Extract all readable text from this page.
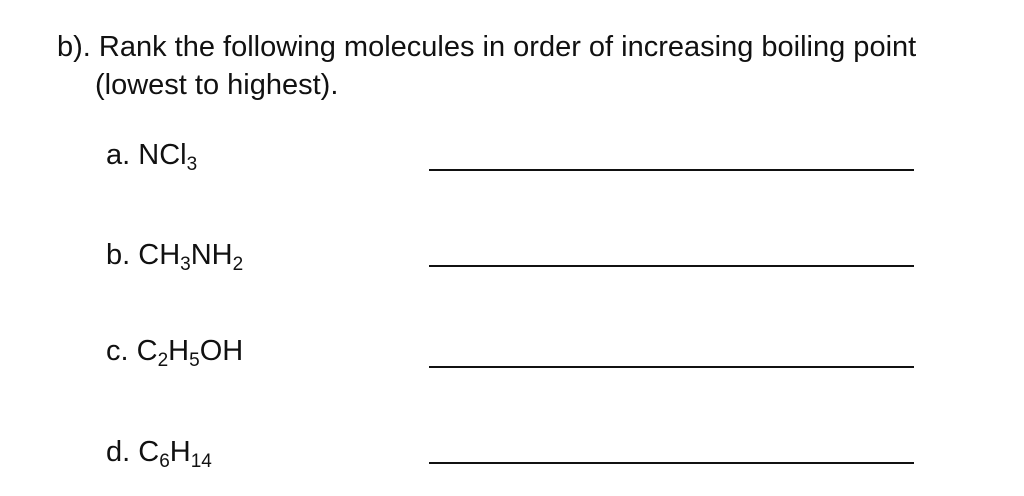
b). Rank the following molecules in order of increasing boiling point
(lowest to highest).
a. NCl$_3$
b. $CH_3NH_2$
c. $C_2H_5OH$
d. $C_6H_{14}$
